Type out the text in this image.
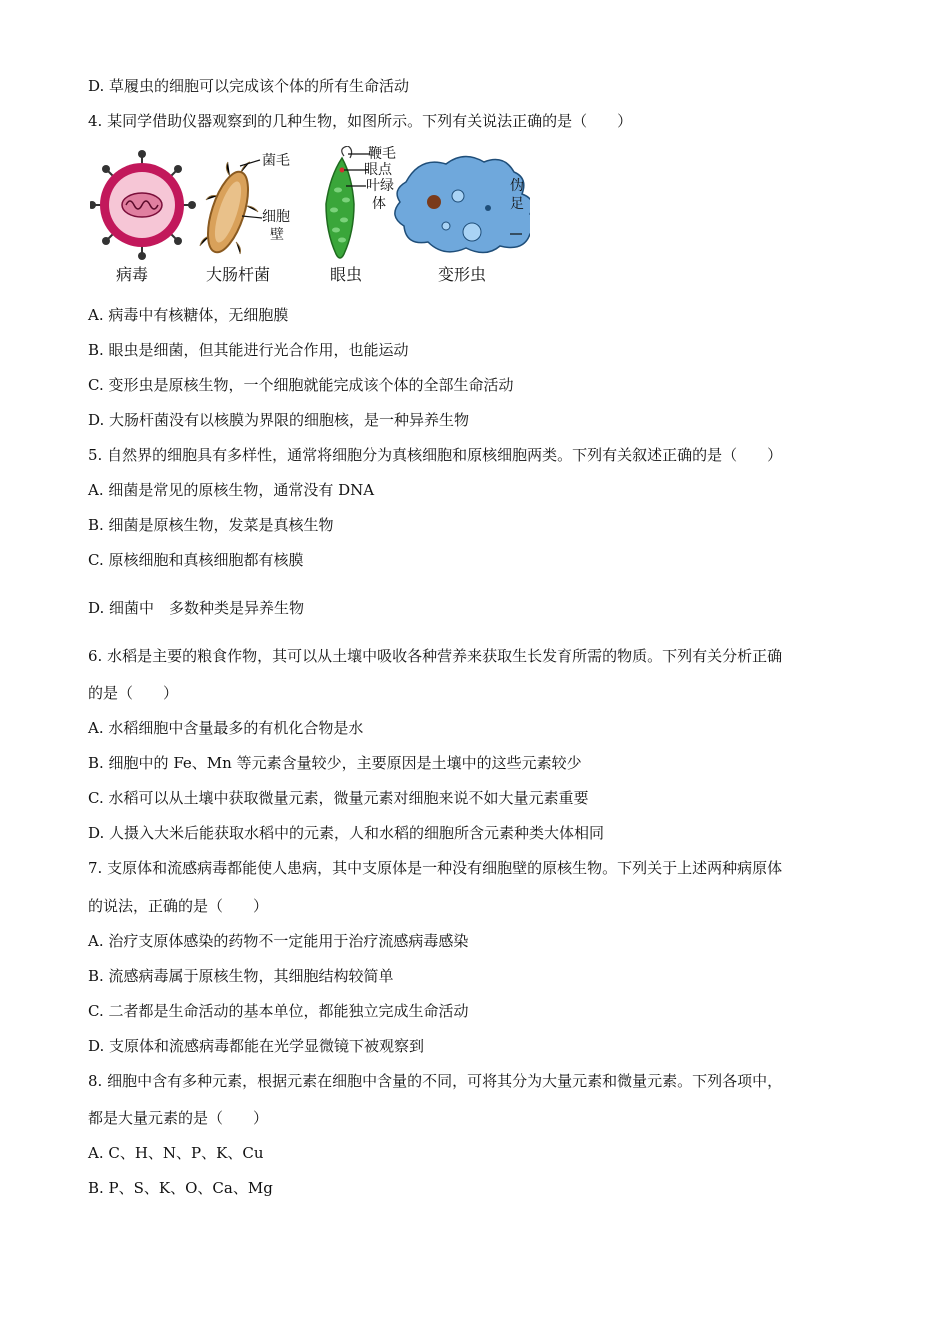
D. 草履虫的细胞可以完成该个体的所有生命活动
4. 某同学借助仪器观察到的几种生物，如图所示。下列有关说法正确的是（　　）
菌毛
细胞
壁
鞭毛
眼点
叶绿
体
伪
足
病毒	大肠杆菌	眼虫	变形虫
A. 病毒中有核糖体，无细胞膜
B. 眼虫是细菌，但其能进行光合作用，也能运动
C. 变形虫是原核生物，一个细胞就能完成该个体的全部生命活动
D. 大肠杆菌没有以核膜为界限的细胞核，是一种异养生物
5. 自然界的细胞具有多样性，通常将细胞分为真核细胞和原核细胞两类。下列有关叙述正确的是（　　）
A. 细菌是常见的原核生物，通常没有 DNA
B. 细菌是原核生物，发菜是真核生物
C. 原核细胞和真核细胞都有核膜
D. 细菌中　多数种类是异养生物
6. 水稻是主要的粮食作物，其可以从土壤中吸收各种营养来获取生长发育所需的物质。下列有关分析正确
的是（　　）
A. 水稻细胞中含量最多的有机化合物是水
B. 细胞中的 Fe、Mn 等元素含量较少，主要原因是土壤中的这些元素较少
C. 水稻可以从土壤中获取微量元素，微量元素对细胞来说不如大量元素重要
D. 人摄入大米后能获取水稻中的元素，人和水稻的细胞所含元素种类大体相同
7. 支原体和流感病毒都能使人患病，其中支原体是一种没有细胞壁的原核生物。下列关于上述两种病原体
的说法，正确的是（　　）
A. 治疗支原体感染的药物不一定能用于治疗流感病毒感染
B. 流感病毒属于原核生物，其细胞结构较简单
C. 二者都是生命活动的基本单位，都能独立完成生命活动
D. 支原体和流感病毒都能在光学显微镜下被观察到
8. 细胞中含有多种元素，根据元素在细胞中含量的不同，可将其分为大量元素和微量元素。下列各项中，
都是大量元素的是（　　）
A. C、H、N、P、K、Cu
B. P、S、K、O、Ca、Mg
